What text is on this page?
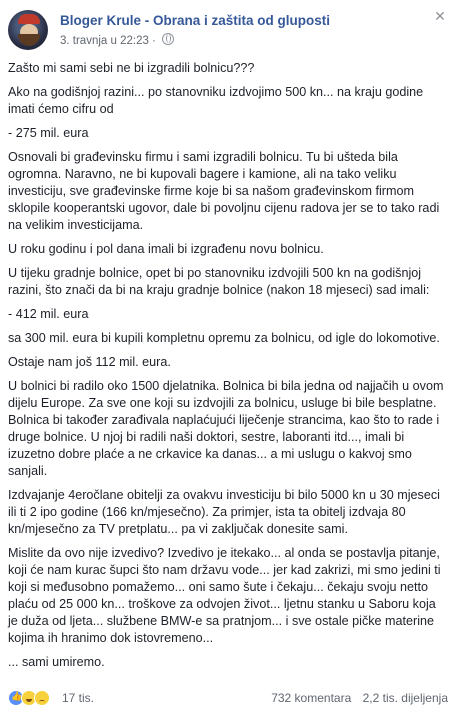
Bloger Krule - Obrana i zaštita od gluposti
3. travnja u 22:23 ·
✕

Zašto mi sami sebi ne bi izgradili bolnicu???

Ako na godišnjoj razini... po stanovniku izdvojimo 500 kn... na kraju godine imati ćemo cifru od

- 275 mil. eura

Osnovali bi građevinsku firmu i sami izgradili bolnicu. Tu bi ušteda bila ogromna. Naravno, ne bi kupovali bagere i kamione, ali na tako veliku investiciju, sve građevinske firme koje bi sa našom građevinskom firmom sklopile kooperantski ugovor, dale bi povoljnu cijenu radova jer se to tako radi na velikim investicijama.

U roku godinu i pol dana imali bi izgrađenu novu bolnicu.

U tijeku gradnje bolnice, opet bi po stanovniku izdvojili 500 kn na godišnjoj razini, što znači da bi na kraju gradnje bolnice (nakon 18 mjeseci) sad imali:

- 412 mil. eura

sa 300 mil. eura bi kupili kompletnu opremu za bolnicu, od igle do lokomotive.

Ostaje nam još 112 mil. eura.

U bolnici bi radilo oko 1500 djelatnika. Bolnica bi bila jedna od najjačih u ovom dijelu Europe. Za sve one koji su izdvojili za bolnicu, usluge bi bile besplatne. Bolnica bi također zarađivala naplaćujući liječenje strancima, kao što to rade i druge bolnice. U njoj bi radili naši doktori, sestre, laboranti itd..., imali bi izuzetno dobre plaće a ne crkavice ka danas... a mi uslugu o kakvoj smo sanjali.

Izdvajanje 4eročlane obitelji za ovakvu investiciju bi bilo 5000 kn u 30 mjeseci ili ti 2 ipo godine (166 kn/mjesečno). Za primjer, ista ta obitelj izdvaja 80 kn/mjesečno za TV pretplatu... pa vi zaključak donesite sami.

Mislite da ovo nije izvedivo? Izvedivo je itekako... al onda se postavlja pitanje, koji će nam kurac šupci što nam državu vode... jer kad zakrizi, mi smo jedini ti koji si međusobno pomažemo... oni samo šute i čekaju... čekaju svoju netto plaću od 25 000 kn... troškove za odvojen život... ljetnu stanku u Saboru koja je duža od ljeta... službene BMW-e sa pratnjom... i sve ostale pičke materine kojima ih hranimo dok istovremeno...

... sami umiremo.

👍
17 tis.	732 komentara 2,2 tis. dijeljenja
